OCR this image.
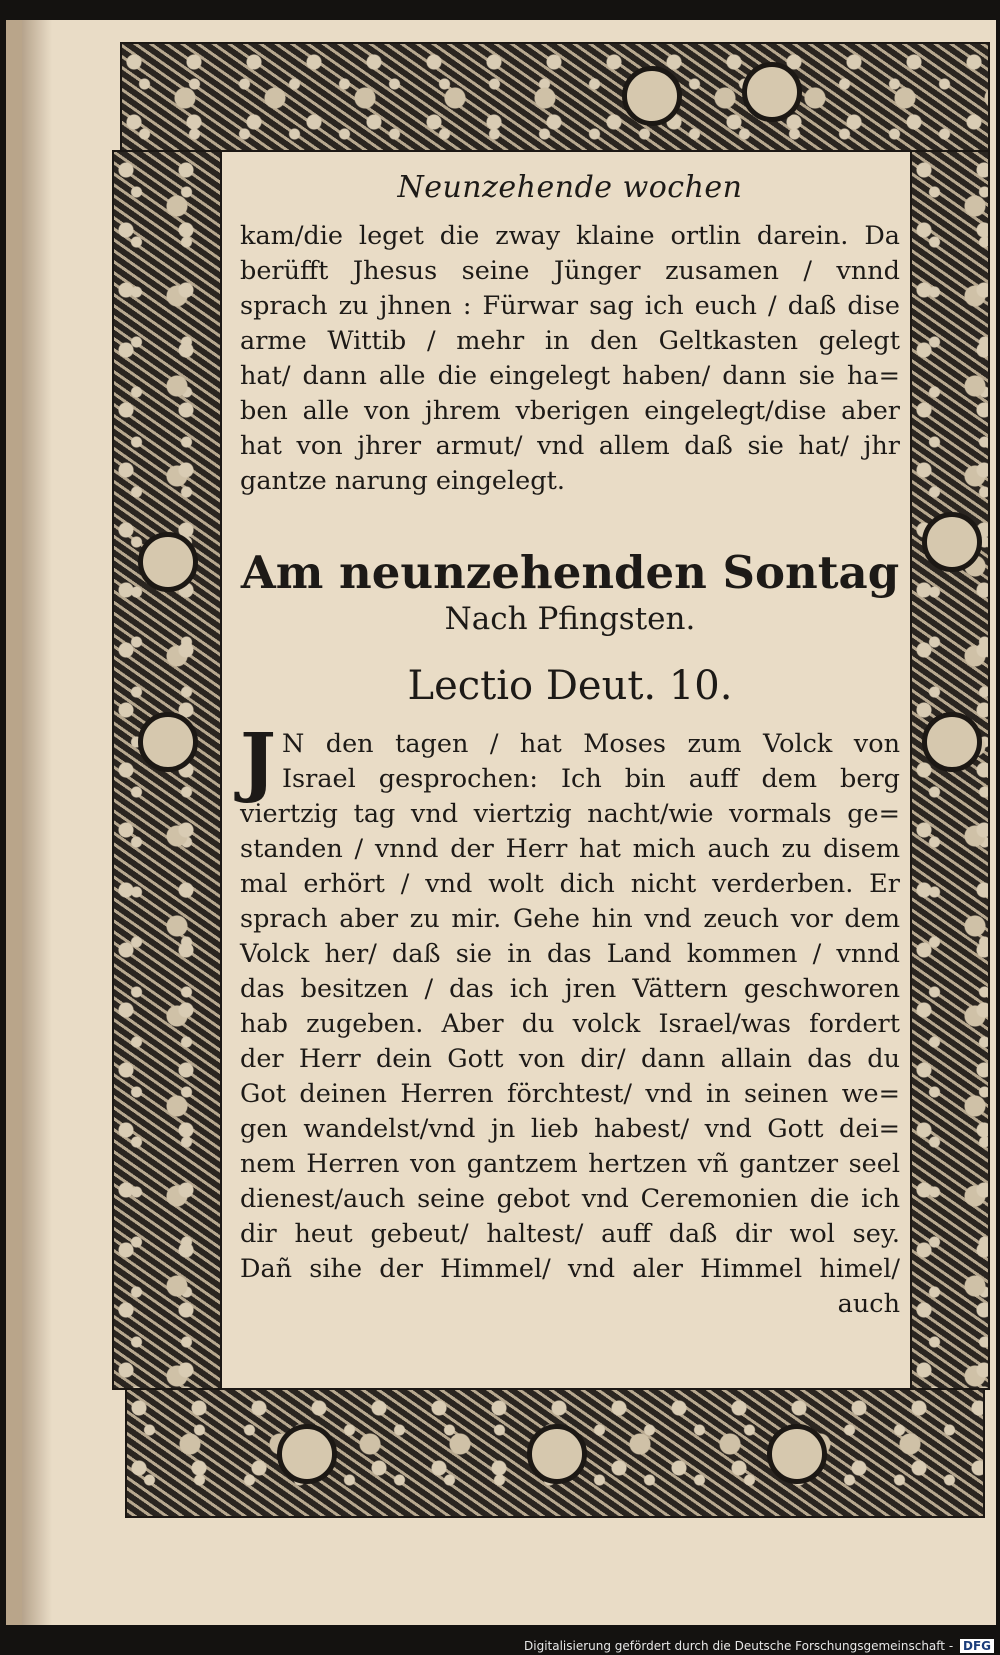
Neunzehende wochen

kam/die leget die zway klaine ortlin darein. Da

berüfft Jhesus seine Jünger zusamen / vnnd

sprach zu jhnen : Fürwar sag ich euch / daß dise

arme Wittib / mehr in den Geltkasten gelegt

hat/ dann alle die eingelegt haben/ dann sie ha=

ben alle von jhrem vberigen eingelegt/dise aber

hat von jhrer armut/ vnd allem daß sie hat/ jhr

gantze narung eingelegt.

Am neunzehenden Sontag

Nach Pfingsten.

Lectio Deut. 10.

J N den tagen / hat Moses zum Volck von

Israel gesprochen: Ich bin auff dem berg

viertzig tag vnd viertzig nacht/wie vormals ge=

standen / vnnd der Herr hat mich auch zu disem

mal erhört / vnd wolt dich nicht verderben. Er

sprach aber zu mir. Gehe hin vnd zeuch vor dem

Volck her/ daß sie in das Land kommen / vnnd

das besitzen / das ich jren Vättern geschworen

hab zugeben. Aber du volck Israel/was fordert

der Herr dein Gott von dir/ dann allain das du

Got deinen Herren förchtest/ vnd in seinen we=

gen wandelst/vnd jn lieb habest/ vnd Gott dei=

nem Herren von gantzem hertzen vñ gantzer seel

dienest/auch seine gebot vnd Ceremonien die ich

dir heut gebeut/ haltest/ auff daß dir wol sey.

Dañ sihe der Himmel/ vnd aler Himmel himel/

auch

Digitalisierung gefördert durch die Deutsche Forschungsgemeinschaft - DFG
